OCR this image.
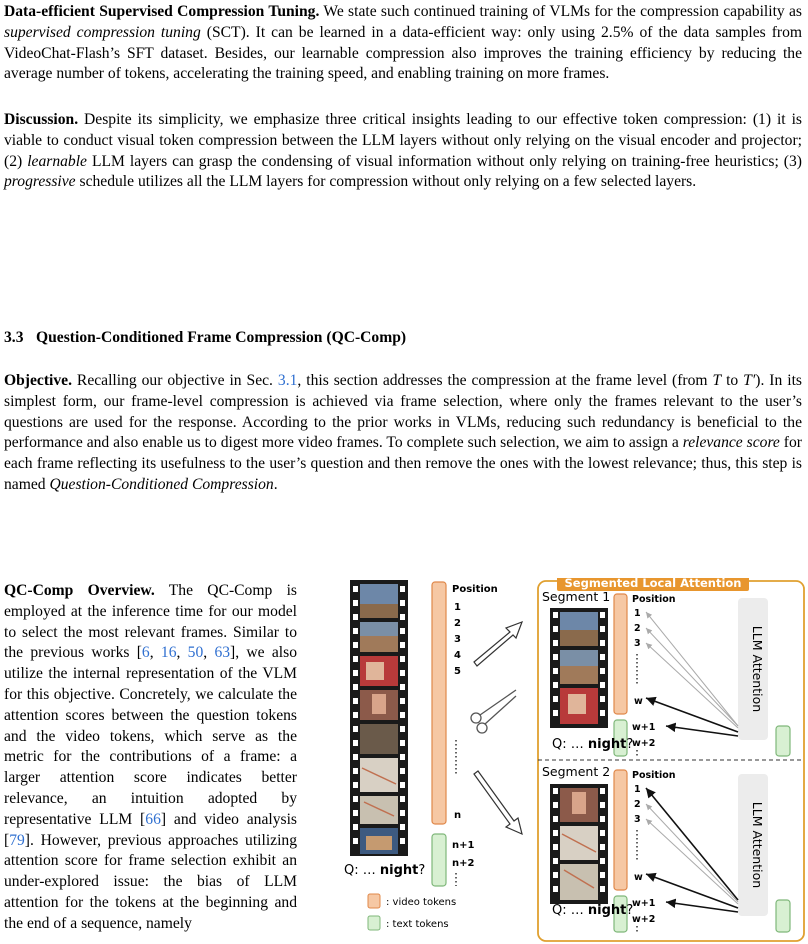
Data-efficient Supervised Compression Tuning. We state such continued training of VLMs for the compression capability as supervised compression tuning (SCT). It can be learned in a data-efficient way: only using 2.5% of the data samples from VideoChat-Flash’s SFT dataset. Besides, our learnable compression also improves the training efficiency by reducing the average number of tokens, accelerating the training speed, and enabling training on more frames.
Discussion. Despite its simplicity, we emphasize three critical insights leading to our effective token compression: (1) it is viable to conduct visual token compression between the LLM layers without only relying on the visual encoder and projector; (2) learnable LLM layers can grasp the condensing of visual information without only relying on training-free heuristics; (3) progressive schedule utilizes all the LLM layers for compression without only relying on a few selected layers.
3.3 Question-Conditioned Frame Compression (QC-Comp)
Objective. Recalling our objective in Sec. 3.1, this section addresses the compression at the frame level (from T to T′). In its simplest form, our frame-level compression is achieved via frame selection, where only the frames relevant to the user’s questions are used for the response. According to the prior works in VLMs, reducing such redundancy is beneficial to the performance and also enable us to digest more video frames. To complete such selection, we aim to assign a relevance score for each frame reflecting its usefulness to the user’s question and then remove the ones with the lowest relevance; thus, this step is named Question-Conditioned Compression.
QC-Comp Overview. The QC-Comp is employed at the inference time for our model to select the most relevant frames. Similar to the previous works [6, 16, 50, 63], we also utilize the internal representation of the VLM for this objective. Concretely, we calculate the attention scores between the question tokens and the video tokens, which serve as the metric for the contributions of a frame: a larger attention score indicates better relevance, an intuition adopted by representative LLM [66] and video analysis [79]. However, previous approaches utilizing attention score for frame selection exhibit an under-explored issue: the bias of LLM attention for the tokens at the beginning and the end of a sequence, namely
Position
1
2
3
4
5
n
n+1
n+2
Q: … night?
: video tokens
: text tokens
Segmented Local Attention
Segment 1 Position
1
2
3
w
w+1
w+2
Q: … night?
LLM Attention
Segment 2 Position
1
2
3
w
w+1
w+2
Q: … night?
LLM Attention
